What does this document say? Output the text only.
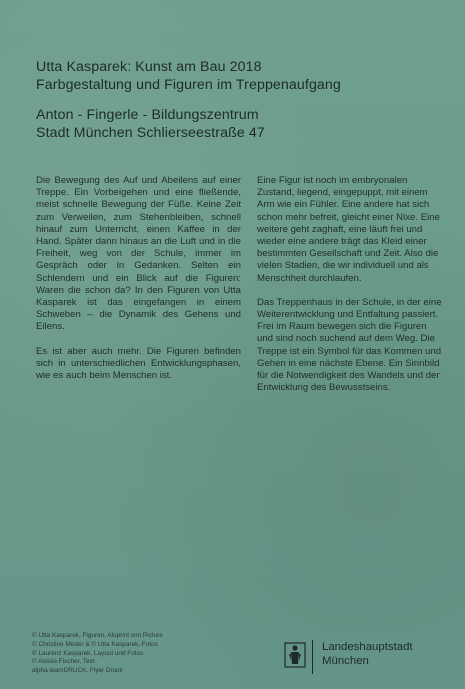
Utta Kasparek: Kunst am Bau 2018
Farbgestaltung und Figuren im Treppenaufgang
Anton - Fingerle - Bildungszentrum
Stadt München Schlierseestraße 47

Die Bewegung des Auf und Abeilens auf einer Treppe. Ein Vorbeigehen und eine fließende, meist schnelle Bewegung der Füße. Keine Zeit zum Verweilen, zum Stehenbleiben, schnell hinauf zum Unterricht, einen Kaffee in der Hand. Später dann hinaus an die Luft und in die Freiheit, weg von der Schule, immer im Gespräch oder in Gedanken. Selten ein Schlendern und ein Blick auf die Figuren: Waren die schon da? In den Figuren von Utta Kasparek ist das eingefangen in einem Schweben – die Dynamik des Gehens und Eilens.

Es ist aber auch mehr. Die Figuren befinden sich in unterschiedlichen Entwicklungsphasen, wie es auch beim Menschen ist.

Eine Figur ist noch im embryonalen Zustand, liegend, eingepuppt, mit einem Arm wie ein Fühler. Eine andere hat sich schon mehr befreit, gleicht einer Nixe. Eine weitere geht zaghaft, eine läuft frei und wieder eine andere trägt das Kleid einer bestimmten Gesellschaft und Zeit. Also die vielen Stadien, die wir individuell und als Menschheit durchlaufen.

Das Treppenhaus in der Schule, in der eine Weiterentwicklung und Entfaltung passiert. Frei im Raum bewegen sich die Figuren und sind noch suchend auf dem Weg. Die Treppe ist ein Symbol für das Kommen und Gehen in eine nächste Ebene. Ein Sinnbild für die Notwendigkeit des Wandels und der Entwicklung des Bewusstseins.

© Utta Kasparek, Figuren, Aluprint von Picture
© Christine Meder & © Utta Kasparek, Fotos
© Laurenz Kasparek, Layout und Fotos
© Aloisia Fischer, Text
alpha teamDRUCK, Flyer Druck
Landeshauptstadt
München
